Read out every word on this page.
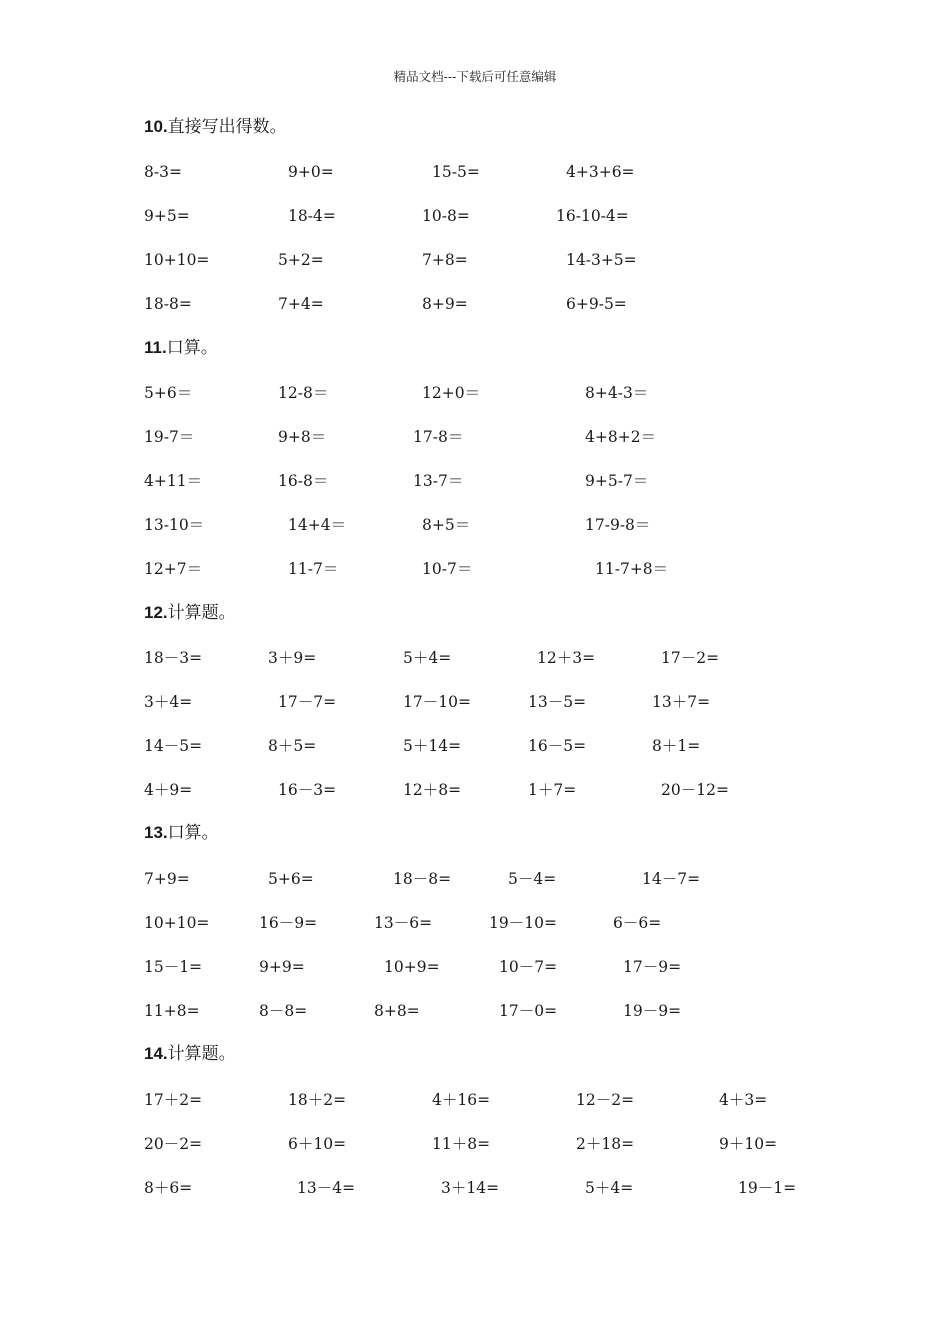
精品文档---下载后可任意编辑
10.直接写出得数。
8-3=	9+0=	15-5=	4+3+6=
9+5=	18-4=	10-8=	16-10-4=
10+10=	5+2=	7+8=	14-3+5=
18-8=	7+4=	8+9=	6+9-5=
11.口算。
5+6＝	12-8＝	12+0＝	8+4-3＝
19-7＝	9+8＝	17-8＝	4+8+2＝
4+11＝	16-8＝	13-7＝	9+5-7＝
13-10＝	14+4＝	8+5＝	17-9-8＝
12+7＝	11-7＝	10-7＝	11-7+8＝
12.计算题。
18－3=	3＋9=	5＋4=	12＋3=	17－2=
3＋4=	17－7=	17－10=	13－5=	13＋7=
14－5=	8＋5=	5＋14=	16－5=	8＋1=
4＋9=	16－3=	12＋8=	1＋7=	20－12=
13.口算。
7+9=	5+6=	18－8=	5－4=	14－7=
10+10=	16－9=	13－6=	19－10=	6－6=
15－1=	9+9=	10+9=	10－7=	17－9=
11+8=	8－8=	8+8=	17－0=	19－9=
14.计算题。
17＋2=	18＋2=	4＋16=	12－2=	4＋3=
20－2=	6＋10=	11＋8=	2＋18=	9＋10=
8＋6=	13－4=	3＋14=	5＋4=	19－1=
